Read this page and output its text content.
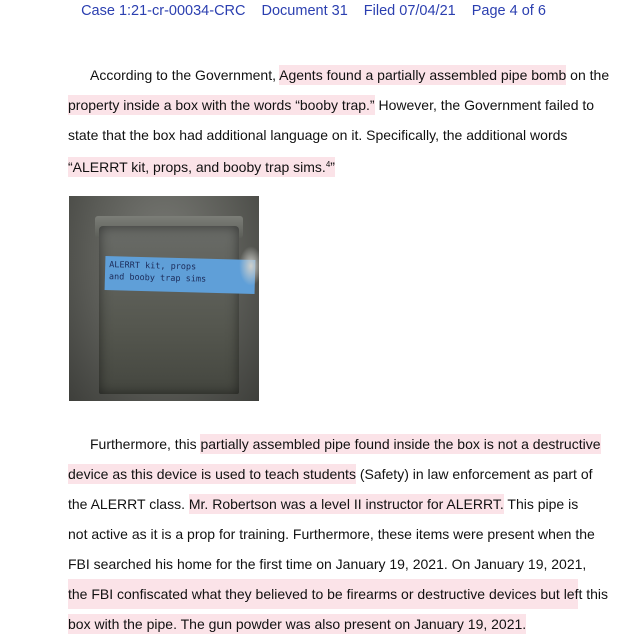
Case 1:21-cr-00034-CRC Document 31 Filed 07/04/21 Page 4 of 6
According to the Government, Agents found a partially assembled pipe bomb on the
property inside a box with the words “booby trap.” However, the Government failed to
state that the box had additional language on it. Specifically, the additional words
“ALERRT kit, props, and booby trap sims.$^4$”
ALERRT kit, props
and booby trap sims
Furthermore, this partially assembled pipe found inside the box is not a destructive
device as this device is used to teach students (Safety) in law enforcement as part of
the ALERRT class. Mr. Robertson was a level II instructor for ALERRT. This pipe is
not active as it is a prop for training. Furthermore, these items were present when the
FBI searched his home for the first time on January 19, 2021. On January 19, 2021,
the FBI confiscated what they believed to be firearms or destructive devices but left this
box with the pipe. The gun powder was also present on January 19, 2021.
